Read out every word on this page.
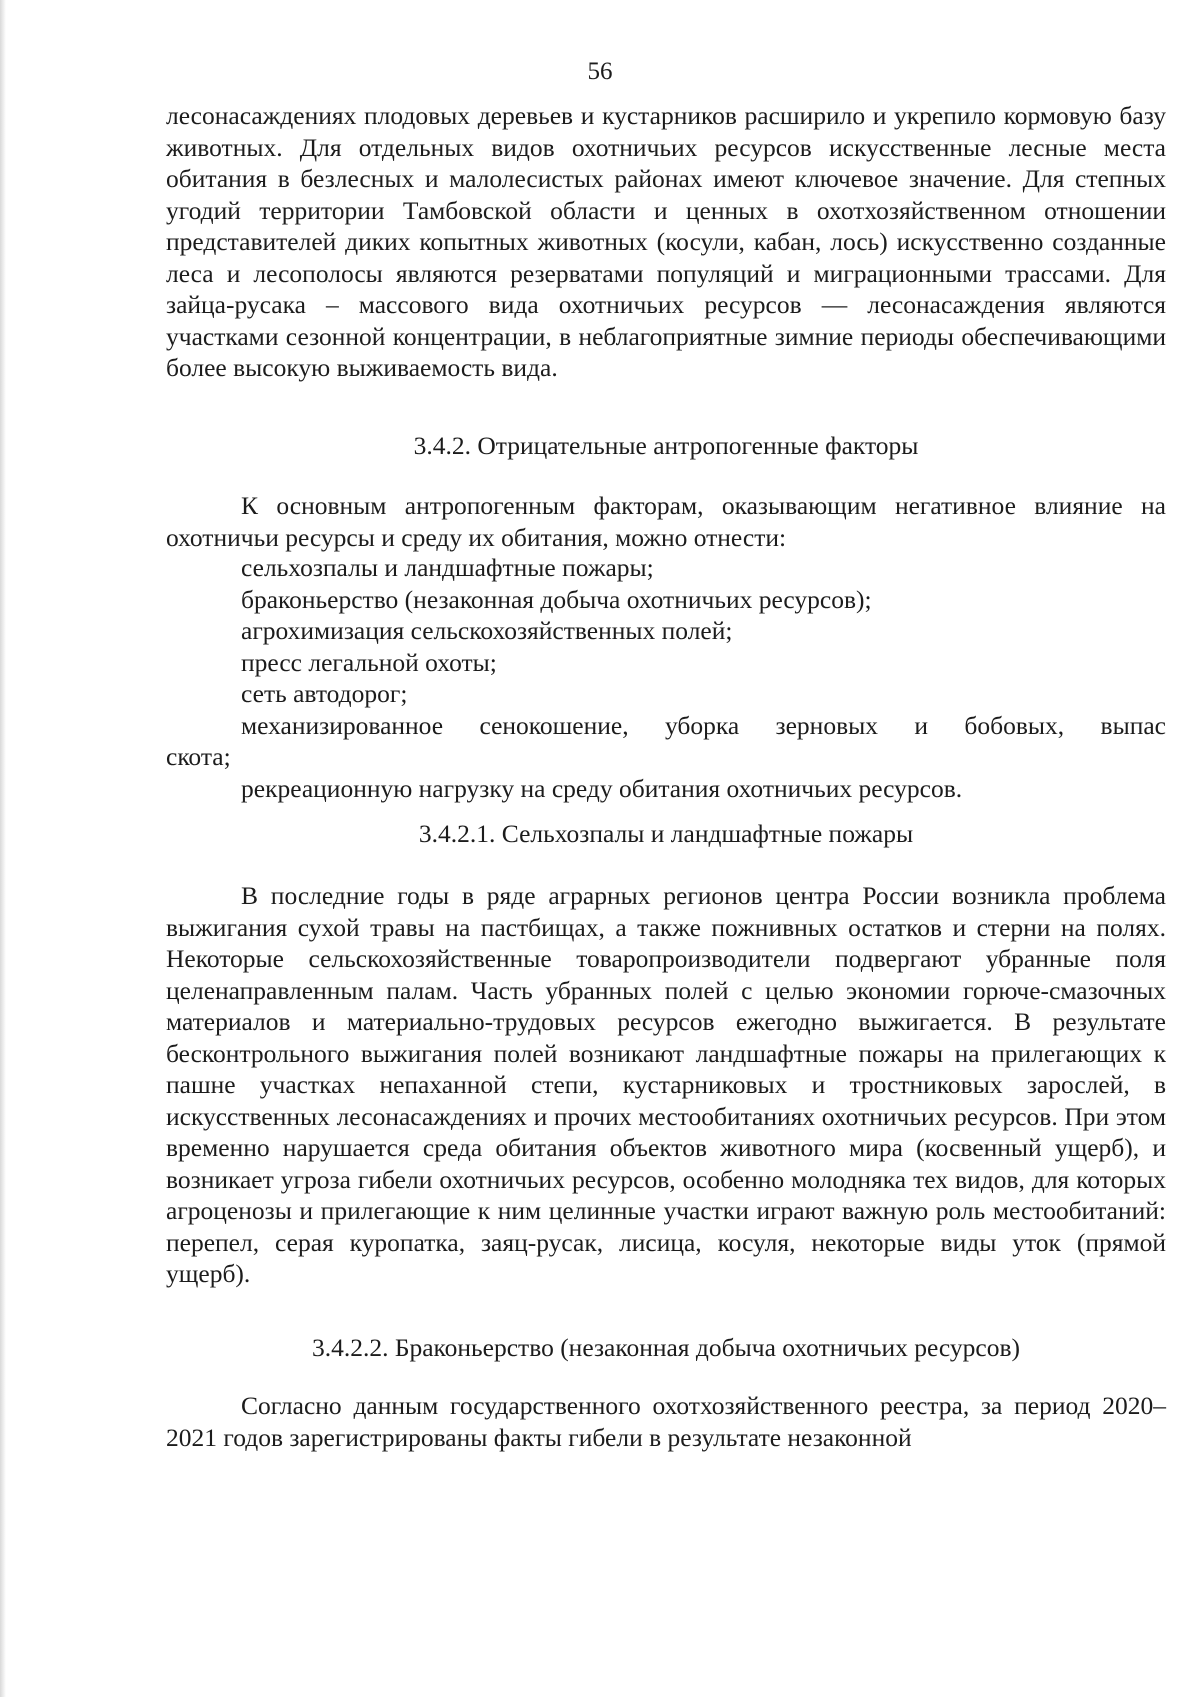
56

лесонасаждениях плодовых деревьев и кустарников расширило и укрепило кормовую базу животных. Для отдельных видов охотничьих ресурсов искусственные лесные места обитания в безлесных и малолесистых районах имеют ключевое значение. Для степных угодий территории Тамбовской области и ценных в охотхозяйственном отношении представителей диких копытных животных (косули, кабан, лось) искусственно созданные леса и лесополосы являются резерватами популяций и миграционными трассами. Для зайца-русака – массового вида охотничьих ресурсов — лесонасаждения являются участками сезонной концентрации, в неблагоприятные зимние периоды обеспечивающими более высокую выживаемость вида.

3.4.2. Отрицательные антропогенные факторы

К основным антропогенным факторам, оказывающим негативное влияние на охотничьи ресурсы и среду их обитания, можно отнести:

сельхозпалы и ландшафтные пожары;
браконьерство (незаконная добыча охотничьих ресурсов);
агрохимизация сельскохозяйственных полей;
пресс легальной охоты;
сеть автодорог;
механизированное сенокошение, уборка зерновых и бобовых, выпас
скота;
рекреационную нагрузку на среду обитания охотничьих ресурсов.
3.4.2.1. Сельхозпалы и ландшафтные пожары

В последние годы в ряде аграрных регионов центра России возникла проблема выжигания сухой травы на пастбищах, а также пожнивных остатков и стерни на полях. Некоторые сельскохозяйственные товаропроизводители подвергают убранные поля целенаправленным палам. Часть убранных полей с целью экономии горюче-смазочных материалов и материально-трудовых ресурсов ежегодно выжигается. В результате бесконтрольного выжигания полей возникают ландшафтные пожары на прилегающих к пашне участках непаханной степи, кустарниковых и тростниковых зарослей, в искусственных лесонасаждениях и прочих местообитаниях охотничьих ресурсов. При этом временно нарушается среда обитания объектов животного мира (косвенный ущерб), и возникает угроза гибели охотничьих ресурсов, особенно молодняка тех видов, для которых агроценозы и прилегающие к ним целинные участки играют важную роль местообитаний: перепел, серая куропатка, заяц-русак, лисица, косуля, некоторые виды уток (прямой ущерб).

3.4.2.2. Браконьерство (незаконная добыча охотничьих ресурсов)

Согласно данным государственного охотхозяйственного реестра, за период 2020–2021 годов зарегистрированы факты гибели в результате незаконной
